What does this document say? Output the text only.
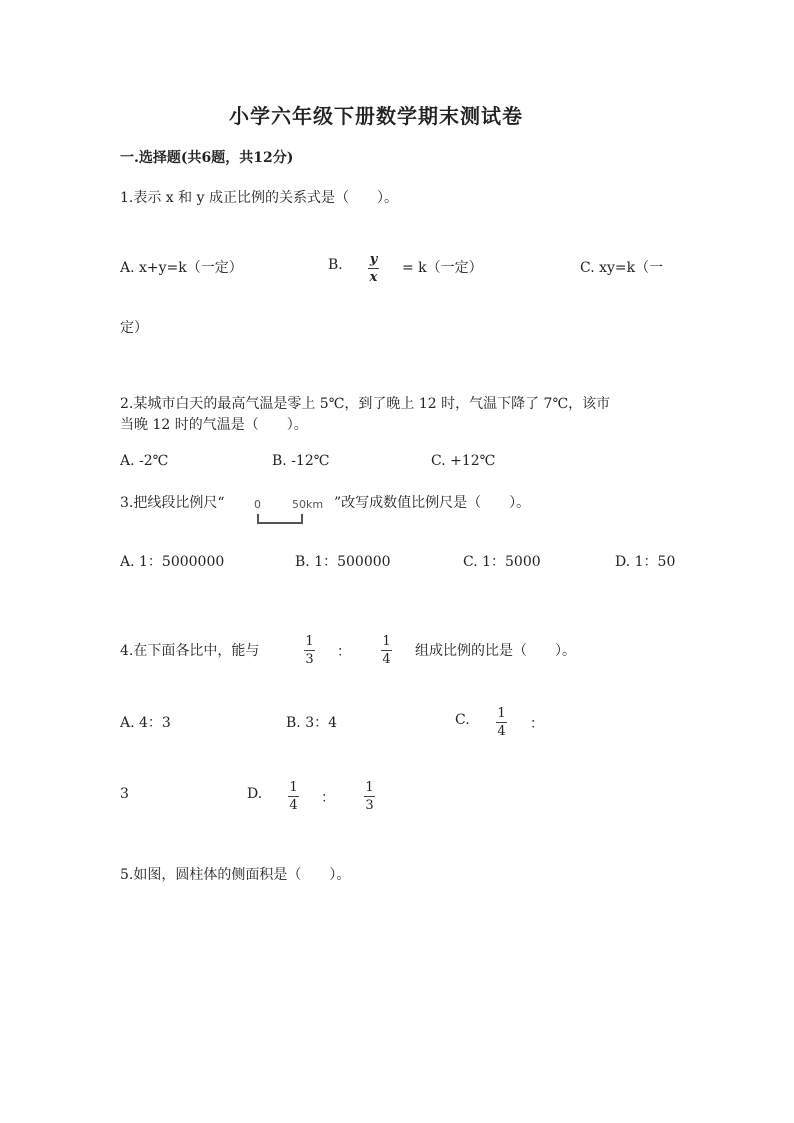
小学六年级下册数学期末测试卷
一.选择题(共6题，共12分)
1.表示 x 和 y 成正比例的关系式是（　　）。
A. x+y=k（一定）	B. y
x
= k（一定）	C. xy=k（一
定）
2.某城市白天的最高气温是零上 5℃，到了晚上 12 时，气温下降了 7℃，该市
当晚 12 时的气温是（　　）。
A. -2℃	B. -12℃	C. +12℃
3.把线段比例尺“	0	50km ”改写成数值比例尺是（　　）。
A. 1：5000000	B. 1：500000	C. 1：5000	D. 1：50
4.在下面各比中，能与
1
3 ：
1
4
组成比例的比是（　　）。
A. 4：3	B. 3：4	C. 1
4 ：
3	D. 1
4 ：
1
3
5.如图，圆柱体的侧面积是（　　）。
